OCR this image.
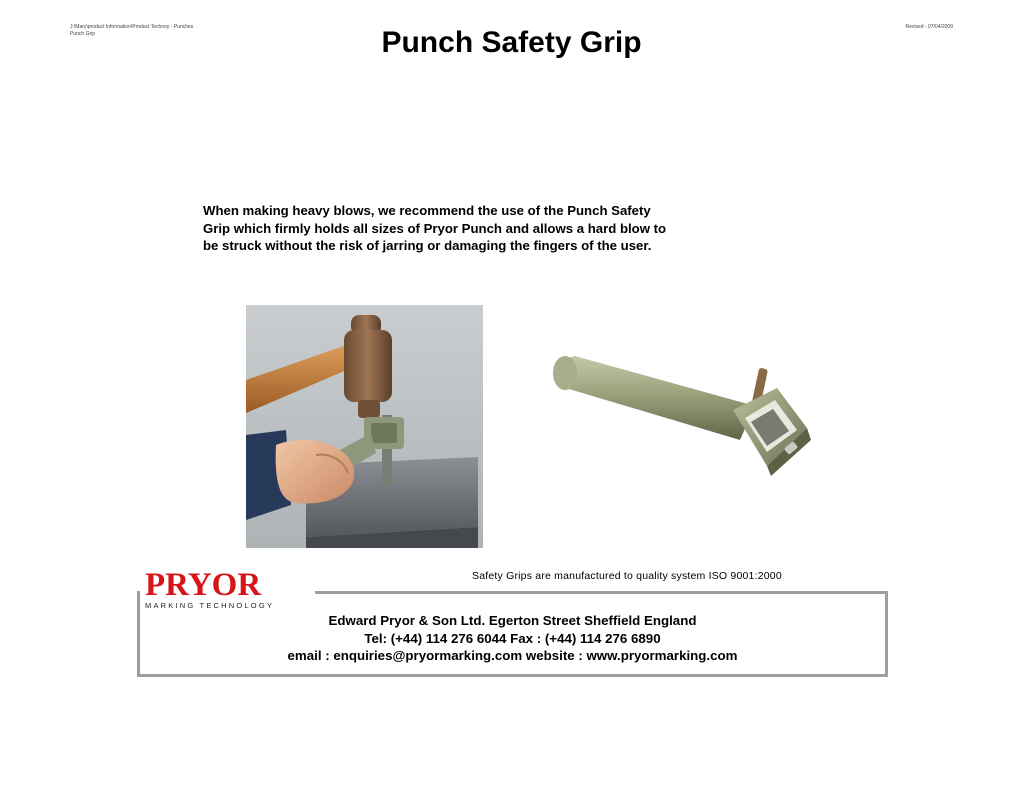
J:\Mary\product Information\Product Technoy - Punches
Punch Grip
Revised - 07/04/2009
Punch Safety Grip
When making heavy blows, we recommend the use of the Punch Safety
Grip which firmly holds all sizes of Pryor Punch and allows a hard blow to
be struck without the risk of jarring or damaging the fingers of the user.
Safety Grips are manufactured to quality system ISO 9001:2000
PRYOR
MARKING TECHNOLOGY
Edward Pryor & Son Ltd. Egerton Street Sheffield England
Tel: (+44) 114 276 6044 Fax : (+44) 114 276 6890
email : enquiries@pryormarking.com website : www.pryormarking.com
